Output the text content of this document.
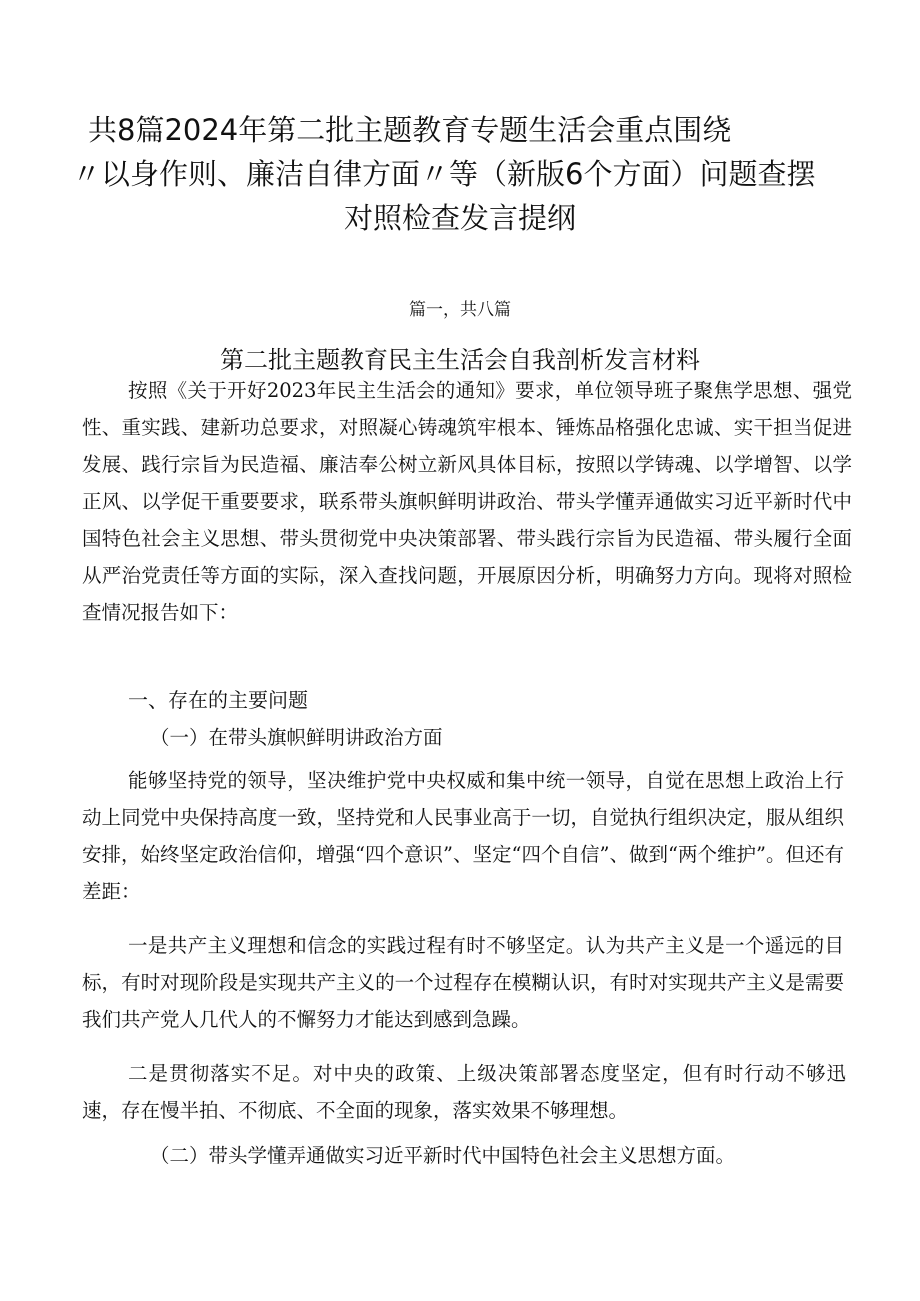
共8篇2024年第二批主题教育专题生活会重点围绕
〃以身作则、廉洁自律方面〃等（新版6个方面）问题查摆
对照检查发言提纲
篇一，共八篇
第二批主题教育民主生活会自我剖析发言材料

按照《关于开好2023年民主生活会的通知》要求，单位领导班子聚焦学思想、强党性、重实践、建新功总要求，对照凝心铸魂筑牢根本、锤炼品格强化忠诚、实干担当促进发展、践行宗旨为民造福、廉洁奉公树立新风具体目标，按照以学铸魂、以学增智、以学正风、以学促干重要要求，联系带头旗帜鲜明讲政治、带头学懂弄通做实习近平新时代中国特色社会主义思想、带头贯彻党中央决策部署、带头践行宗旨为民造福、带头履行全面从严治党责任等方面的实际，深入查找问题，开展原因分析，明确努力方向。现将对照检查情况报告如下：

一、存在的主要问题
（一）在带头旗帜鲜明讲政治方面

能够坚持党的领导，坚决维护党中央权威和集中统一领导，自觉在思想上政治上行动上同党中央保持高度一致，坚持党和人民事业高于一切，自觉执行组织决定，服从组织安排，始终坚定政治信仰，增强“四个意识”、坚定“四个自信”、做到“两个维护”。但还有差距：

一是共产主义理想和信念的实践过程有时不够坚定。认为共产主义是一个遥远的目标，有时对现阶段是实现共产主义的一个过程存在模糊认识，有时对实现共产主义是需要我们共产党人几代人的不懈努力才能达到感到急躁。

二是贯彻落实不足。对中央的政策、上级决策部署态度坚定，但有时行动不够迅速，存在慢半拍、不彻底、不全面的现象，落实效果不够理想。

（二）带头学懂弄通做实习近平新时代中国特色社会主义思想方面。
